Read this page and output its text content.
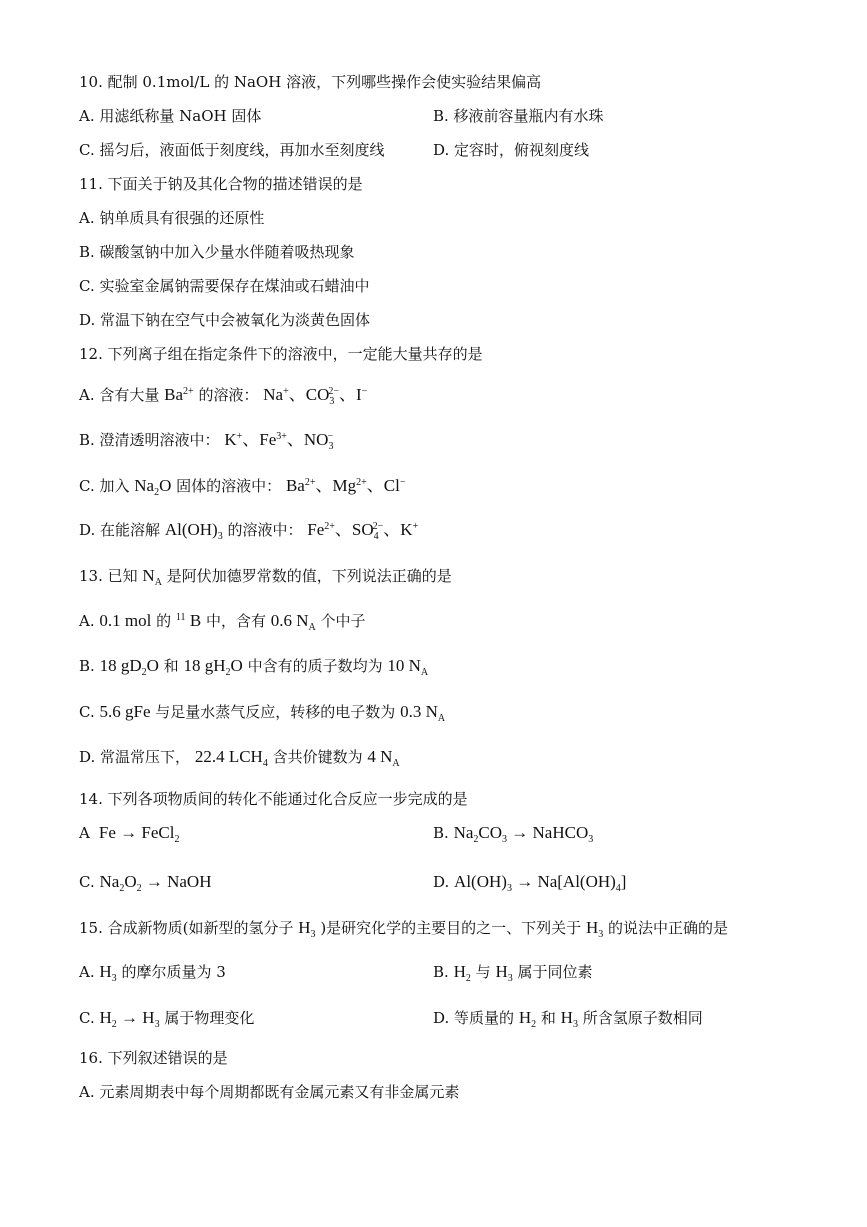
10. 配制 0.1mol/L 的 NaOH 溶液，下列哪些操作会使实验结果偏高
A. 用滤纸称量 NaOH 固体	B. 移液前容量瓶内有水珠
C. 摇匀后，液面低于刻度线，再加水至刻度线	D. 定容时，俯视刻度线
11. 下面关于钠及其化合物的描述错误的是
A. 钠单质具有很强的还原性
B. 碳酸氢钠中加入少量水伴随着吸热现象
C. 实验室金属钠需要保存在煤油或石蜡油中
D. 常温下钠在空气中会被氧化为淡黄色固体
12. 下列离子组在指定条件下的溶液中，一定能大量共存的是
A. 含有大量 $Ba^{2+}$ 的溶液： Na+、$CO_3^{2-}$、I−
B. 澄清透明溶液中： K+、$Fe^{3+}$、$NO_3^-$
C. 加入 $Na_2O$ 固体的溶液中： $Ba^{2+}$、$Mg^{2+}$、Cl−
D. 在能溶解 $Al(OH)_3$ 的溶液中： $Fe^{2+}$、$SO_4^{2-}$、K+
13. 已知 $N_A$ 是阿伏加德罗常数的值，下列说法正确的是
A. 0.1 mol 的 $^{11}$ B 中，含有 0.6 $N_A$ 个中子
B. 18 $gD_2O$ 和 18 $gH_2O$ 中含有的质子数均为 10 $N_A$
C. 5.6 gFe 与足量水蒸气反应，转移的电子数为 0.3 $N_A$
D. 常温常压下， 22.4 $LCH_4$ 含共价键数为 4 $N_A$
14. 下列各项物质间的转化不能通过化合反应一步完成的是
A  Fe → FeCl$_2$	B. $Na_2CO_3$ → NaHCO$_3$
C. $Na_2O_2$ → NaOH	D. $Al(OH)_3 \to Na[Al(OH)_4]$
15. 合成新物质(如新型的氢分子 $H_3$ )是研究化学的主要目的之一、下列关于 $H_3$ 的说法中正确的是
A. $H_3$ 的摩尔质量为 3	B. $H_2$ 与 $H_3$ 属于同位素
C. $H_2 \to H_3$ 属于物理变化	D. 等质量的 $H_2$ 和 $H_3$ 所含氢原子数相同
16. 下列叙述错误的是
A. 元素周期表中每个周期都既有金属元素又有非金属元素
